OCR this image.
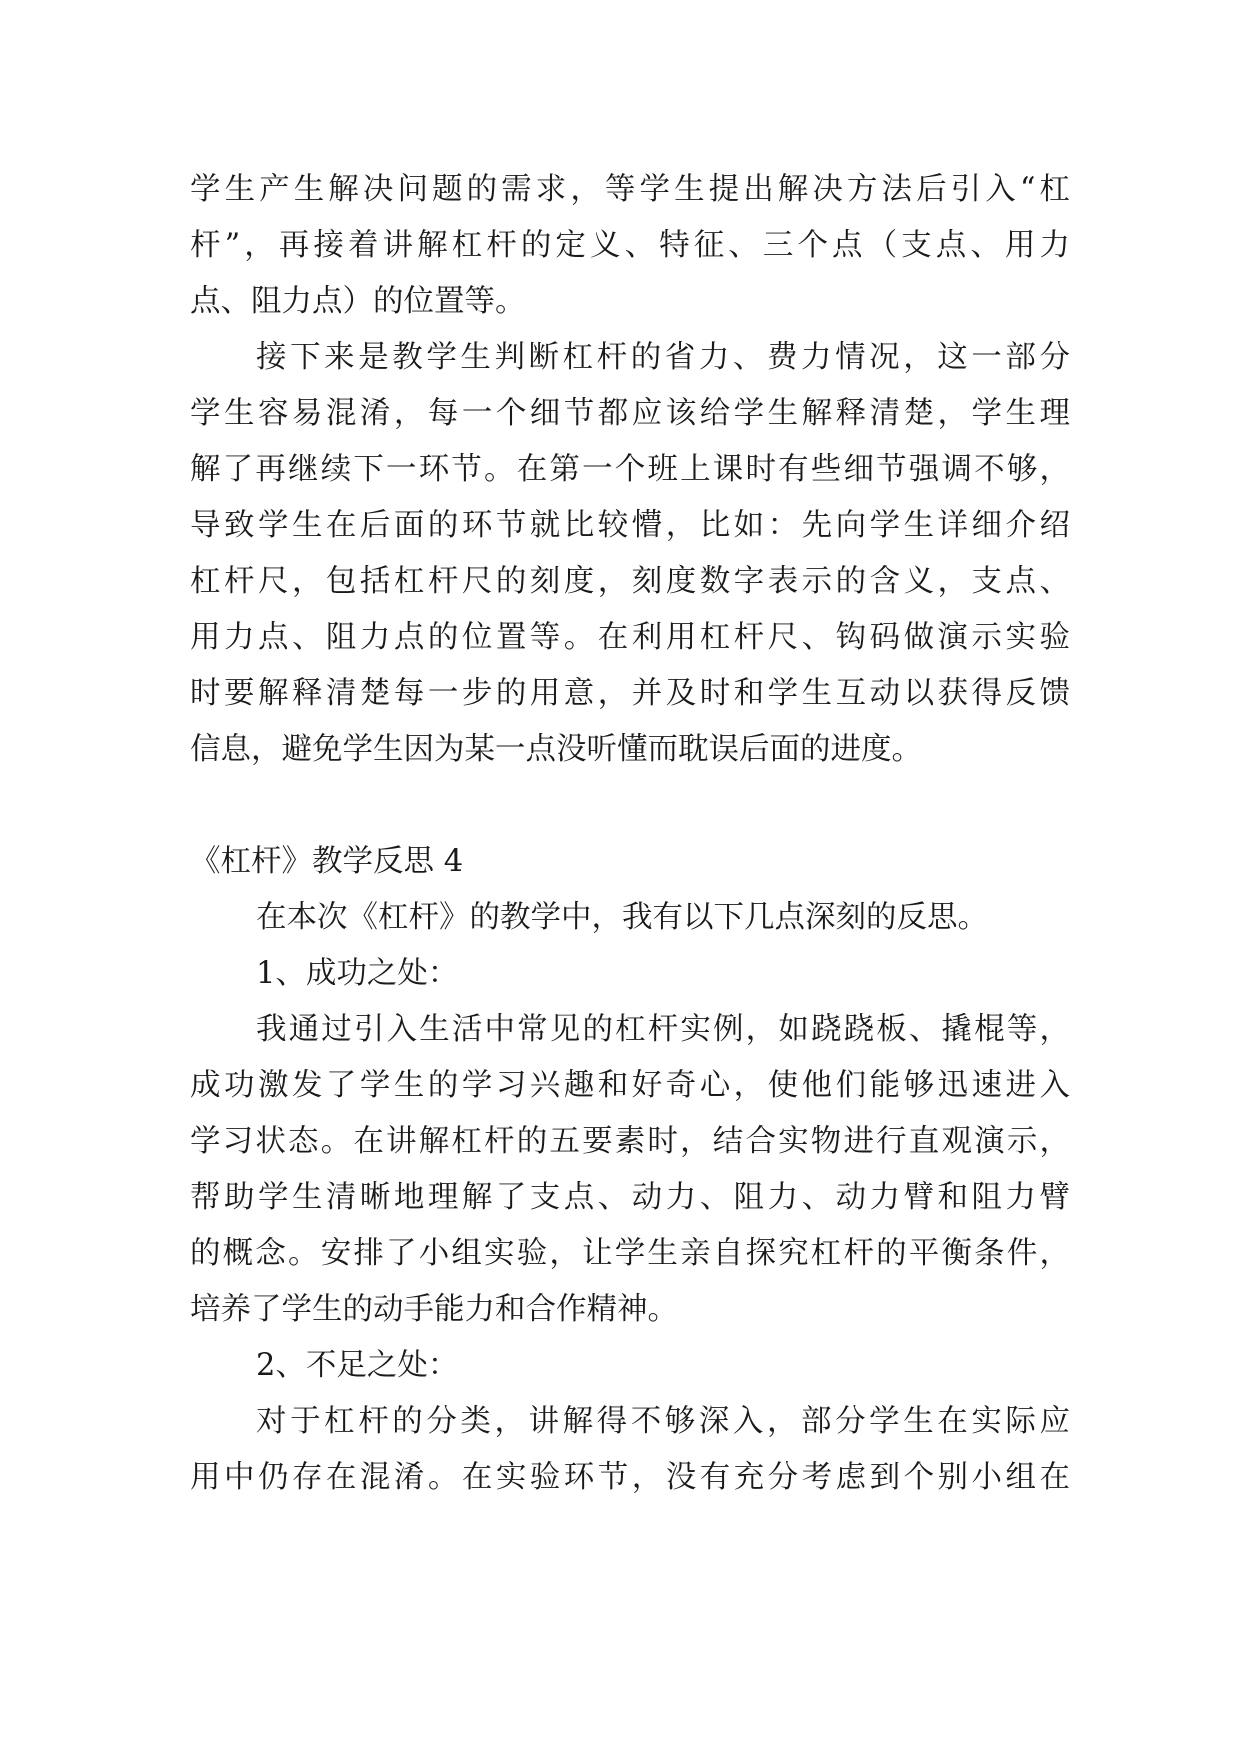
学生产生解决问题的需求，等学生提出解决方法后引入“杠
杆”，再接着讲解杠杆的定义、特征、三个点（支点、用力
点、阻力点）的位置等。
接下来是教学生判断杠杆的省力、费力情况，这一部分
学生容易混淆，每一个细节都应该给学生解释清楚，学生理
解了再继续下一环节。在第一个班上课时有些细节强调不够，
导致学生在后面的环节就比较懵，比如：先向学生详细介绍
杠杆尺，包括杠杆尺的刻度，刻度数字表示的含义，支点、
用力点、阻力点的位置等。在利用杠杆尺、钩码做演示实验
时要解释清楚每一步的用意，并及时和学生互动以获得反馈
信息，避免学生因为某一点没听懂而耽误后面的进度。
《杠杆》教学反思 4
在本次《杠杆》的教学中，我有以下几点深刻的反思。
1、成功之处：
我通过引入生活中常见的杠杆实例，如跷跷板、撬棍等，
成功激发了学生的学习兴趣和好奇心，使他们能够迅速进入
学习状态。在讲解杠杆的五要素时，结合实物进行直观演示，
帮助学生清晰地理解了支点、动力、阻力、动力臂和阻力臂
的概念。安排了小组实验，让学生亲自探究杠杆的平衡条件，
培养了学生的动手能力和合作精神。
2、不足之处：
对于杠杆的分类，讲解得不够深入，部分学生在实际应
用中仍存在混淆。在实验环节，没有充分考虑到个别小组在
